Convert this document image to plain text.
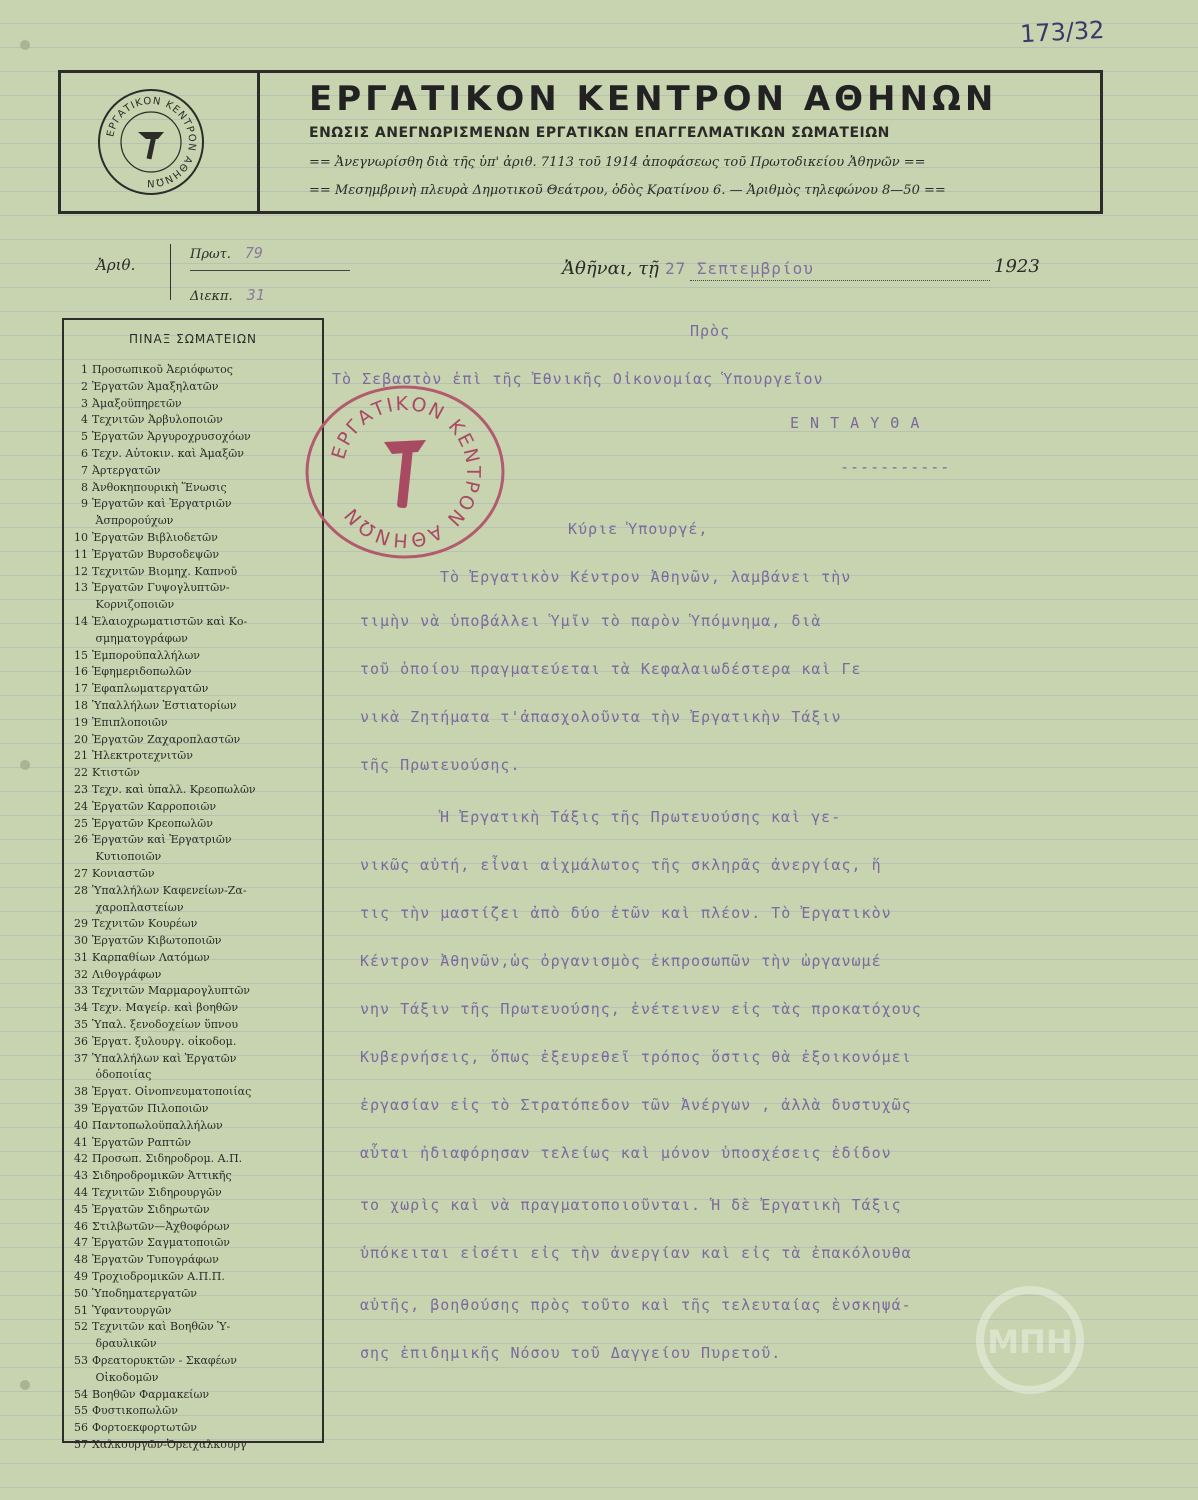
173/32
ΕΡΓΑΤΙΚΟΝ ΚΕΝΤΡΟΝ ΑΘΗΝΩΝ
ΕΡΓΑΤΙΚΟΝ ΚΕΝΤΡΟΝ ΑΘΗΝΩΝ
ΕΝΩΣΙΣ ΑΝΕΓΝΩΡΙΣΜΕΝΩΝ ΕΡΓΑΤΙΚΩΝ ΕΠΑΓΓΕΛΜΑΤΙΚΩΝ ΣΩΜΑΤΕΙΩΝ
== Ἀνεγνωρίσθη διὰ τῆς ὑπ' ἀριθ. 7113 τοῦ 1914 ἀποφάσεως τοῦ Πρωτοδικείου Ἀθηνῶν ==
== Μεσημβρινὴ πλευρὰ Δημοτικοῦ Θεάτρου, ὁδὸς Κρατίνου 6. — Ἀριθμὸς τηλεφώνου 8—50 ==
Ἀριθ.
Πρωτ. 79
Διεκπ. 31
Ἀθῆναι, τῇ 27 Σεπτεμβρίου	1923
ΠΙΝΑΞ ΣΩΜΑΤΕΙΩΝ
1 Προσωπικοῦ Ἀεριόφωτος
2 Ἐργατῶν Ἀμαξηλατῶν
3 Ἀμαξοϋπηρετῶν
4 Τεχνιτῶν Ἀρβυλοποιῶν
5 Ἐργατῶν Ἀργυροχρυσοχόων
6 Τεχν. Αὐτοκιν. καὶ Ἀμαξῶν
7 Ἀρτεργατῶν
8 Ἀνθοκηπουρικὴ Ἕνωσις
9 Ἐργατῶν καὶ Ἐργατριῶν
Ἀσπρορούχων
10 Ἐργατῶν Βιβλιοδετῶν
11 Ἐργατῶν Βυρσοδεψῶν
12 Τεχνιτῶν Βιομηχ. Καπνοῦ
13 Ἐργατῶν Γυψογλυπτῶν-
Κορνιζοποιῶν
14 Ἐλαιοχρωματιστῶν καὶ Κο-
σμηματογράφων
15 Ἐμποροϋπαλλήλων
16 Ἐφημεριδοπωλῶν
17 Ἐφαπλωματεργατῶν
18 Ὑπαλλήλων Ἑστιατορίων
19 Ἐπιπλοποιῶν
20 Ἐργατῶν Ζαχαροπλαστῶν
21 Ἠλεκτροτεχνιτῶν
22 Κτιστῶν
23 Τεχν. καὶ ὑπαλλ. Κρεοπωλῶν
24 Ἐργατῶν Καρροποιῶν
25 Ἐργατῶν Κρεοπωλῶν
26 Ἐργατῶν καὶ Ἐργατριῶν
Κυτιοποιῶν
27 Κονιαστῶν
28 Ὑπαλλήλων Καφενείων-Ζα-
χαροπλαστείων
29 Τεχνιτῶν Κουρέων
30 Ἐργατῶν Κιβωτοποιῶν
31 Καρπαθίων Λατόμων
32 Λιθογράφων
33 Τεχνιτῶν Μαρμαρογλυπτῶν
34 Τεχν. Μαγείρ. καὶ βοηθῶν
35 Ὑπαλ. ξενοδοχείων ὕπνου
36 Ἐργατ. ξυλουργ. οἰκοδομ.
37 Ὑπαλλήλων καὶ Ἐργατῶν
ὁδοποιίας
38 Ἐργατ. Οἰνοπνευματοποιίας
39 Ἐργατῶν Πιλοποιῶν
40 Παντοπωλοϋπαλλήλων
41 Ἐργατῶν Ραπτῶν
42 Προσωπ. Σιδηροδρομ. Α.Π.
43 Σιδηροδρομικῶν Ἀττικῆς
44 Τεχνιτῶν Σιδηρουργῶν
45 Ἐργατῶν Σιδηρωτῶν
46 Στιλβωτῶν—Ἀχθοφόρων
47 Ἐργατῶν Σαγματοποιῶν
48 Ἐργατῶν Τυπογράφων
49 Τροχιοδρομικῶν Α.Π.Π.
50 Ὑποδηματεργατῶν
51 Ὑφαντουργῶν
52 Τεχνιτῶν καὶ Βοηθῶν Ὑ-
δραυλικῶν
53 Φρεατορυκτῶν - Σκαφέων
Οἰκοδομῶν
54 Βοηθῶν Φαρμακείων
55 Φυστικοπωλῶν
56 Φορτοεκφορτωτῶν
57 Χαλκουργῶν-Ὀρειχαλκουργ
ΕΡΓΑΤΙΚΟΝ ΚΕΝΤΡΟΝ ΑΘΗΝΩΝ
Πρὸς
Τὸ Σεβαστὸν ἐπὶ τῆς Ἐθνικῆς Οἰκονομίας Ὑπουργεῖον
Ε Ν Τ Α Υ Θ Α
-----------
Κύριε Ὑπουργέ,
Τὸ Ἐργατικὸν Κέντρον Ἀθηνῶν, λαμβάνει τὴν
τιμὴν νὰ ὑποβάλλει Ὑμῖν τὸ παρὸν Ὑπόμνημα, διὰ
τοῦ ὁποίου πραγματεύεται τὰ Κεφαλαιωδέστερα καὶ Γε
νικὰ Ζητήματα τ'ἀπασχολοῦντα τὴν Ἐργατικὴν Τάξιν
τῆς Πρωτευούσης.
Ἡ Ἐργατικὴ Τάξις τῆς Πρωτευούσης καὶ γε-
νικῶς αὐτή, εἶναι αἰχμάλωτος τῆς σκληρᾶς ἀνεργίας, ἥ
τις τὴν μαστίζει ἀπὸ δύο ἐτῶν καὶ πλέον. Τὸ Ἐργατικὸν
Κέντρον Ἀθηνῶν,ὡς ὀργανισμὸς ἐκπροσωπῶν τὴν ὠργανωμέ
νην Τάξιν τῆς Πρωτευούσης, ἐνέτεινεν εἰς τὰς προκατόχους
Κυβερνήσεις, ὅπως ἐξευρεθεῖ τρόπος ὅστις θὰ ἐξοικονόμει
ἐργασίαν εἰς τὸ Στρατόπεδον τῶν Ἀνέργων , ἀλλὰ δυστυχῶς
αὗται ἠδιαφόρησαν τελείως καὶ μόνον ὑποσχέσεις ἐδίδον
το χωρὶς καὶ νὰ πραγματοποιοῦνται. Ἡ δὲ Ἐργατικὴ Τάξις
ὑπόκειται εἰσέτι εἰς τὴν ἀνεργίαν καὶ εἰς τὰ ἐπακόλουθα
αὐτῆς, βοηθούσης πρὸς τοῦτο καὶ τῆς τελευταίας ἐνσκηψά-
σης ἐπιδημικῆς Νόσου τοῦ Δαγγείου Πυρετοῦ.	ΜΠΗ
